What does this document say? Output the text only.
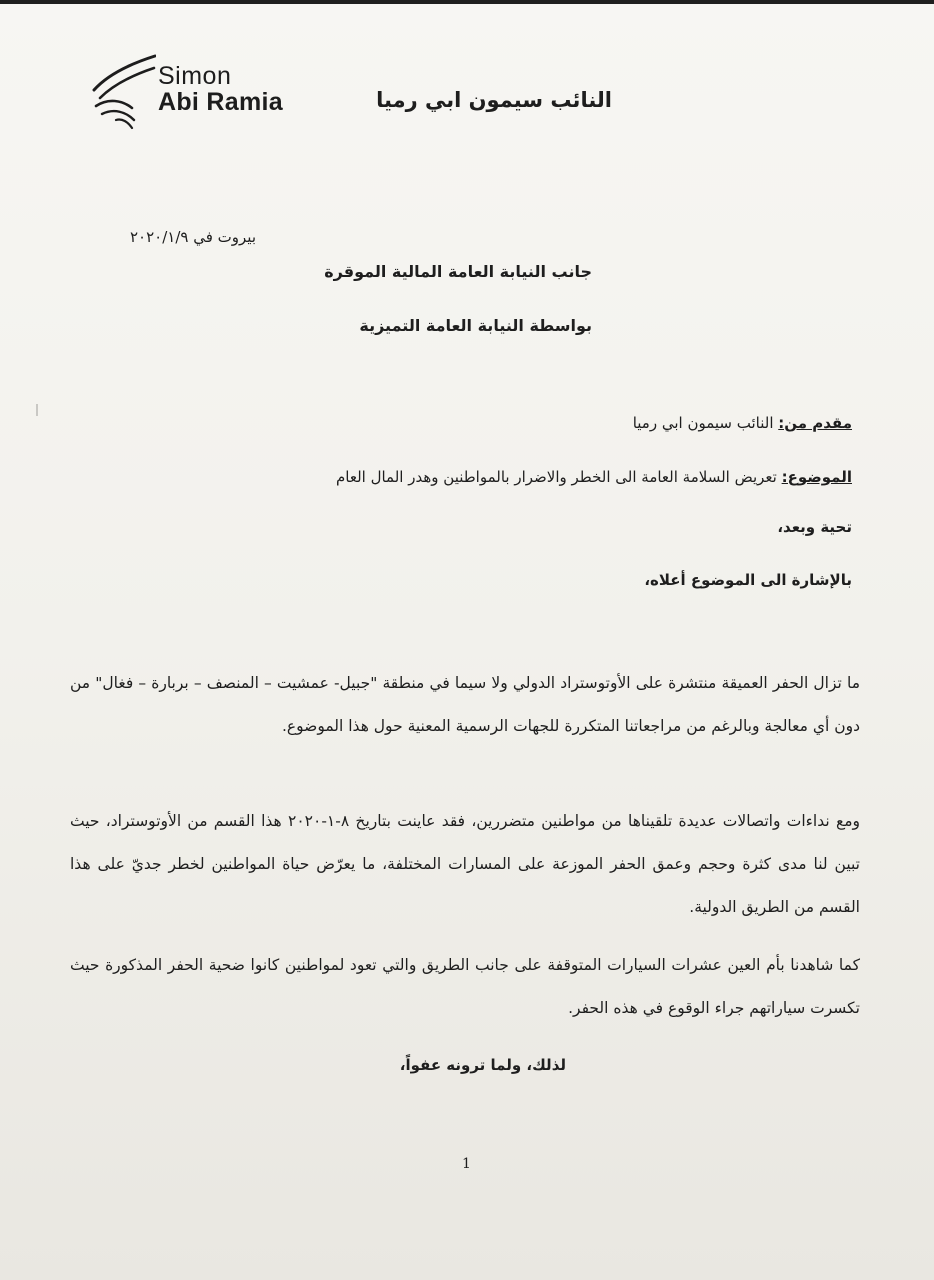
Simon
Abi Ramia	النائب سيمون ابي رميا
بيروت في ٢٠٢٠/١/٩
جانب النيابة العامة المالية الموقرة
بواسطة النيابة العامة التميزية
مقدم من: النائب سيمون ابي رميا
الموضوع: تعريض السلامة العامة الى الخطر والاضرار بالمواطنين وهدر المال العام
تحية وبعد،
بالإشارة الى الموضوع أعلاه،
ما تزال الحفر العميقة منتشرة على الأوتوستراد الدولي ولا سيما في منطقة "جبيل- عمشيت – المنصف – بربارة – فغال" من دون أي معالجة وبالرغم من مراجعاتنا المتكررة للجهات الرسمية المعنية حول هذا الموضوع.
ومع نداءات واتصالات عديدة تلقيناها من مواطنين متضررين، فقد عاينت بتاريخ ٨-١-٢٠٢٠ هذا القسم من الأوتوستراد، حيث تبين لنا مدى كثرة وحجم وعمق الحفر الموزعة على المسارات المختلفة، ما يعرّض حياة المواطنين لخطر جديّ على هذا القسم من الطريق الدولية.
كما شاهدنا بأم العين عشرات السيارات المتوقفة على جانب الطريق والتي تعود لمواطنين كانوا ضحية الحفر المذكورة حيث تكسرت سياراتهم جراء الوقوع في هذه الحفر.
لذلك، ولما ترونه عفواً،
1
